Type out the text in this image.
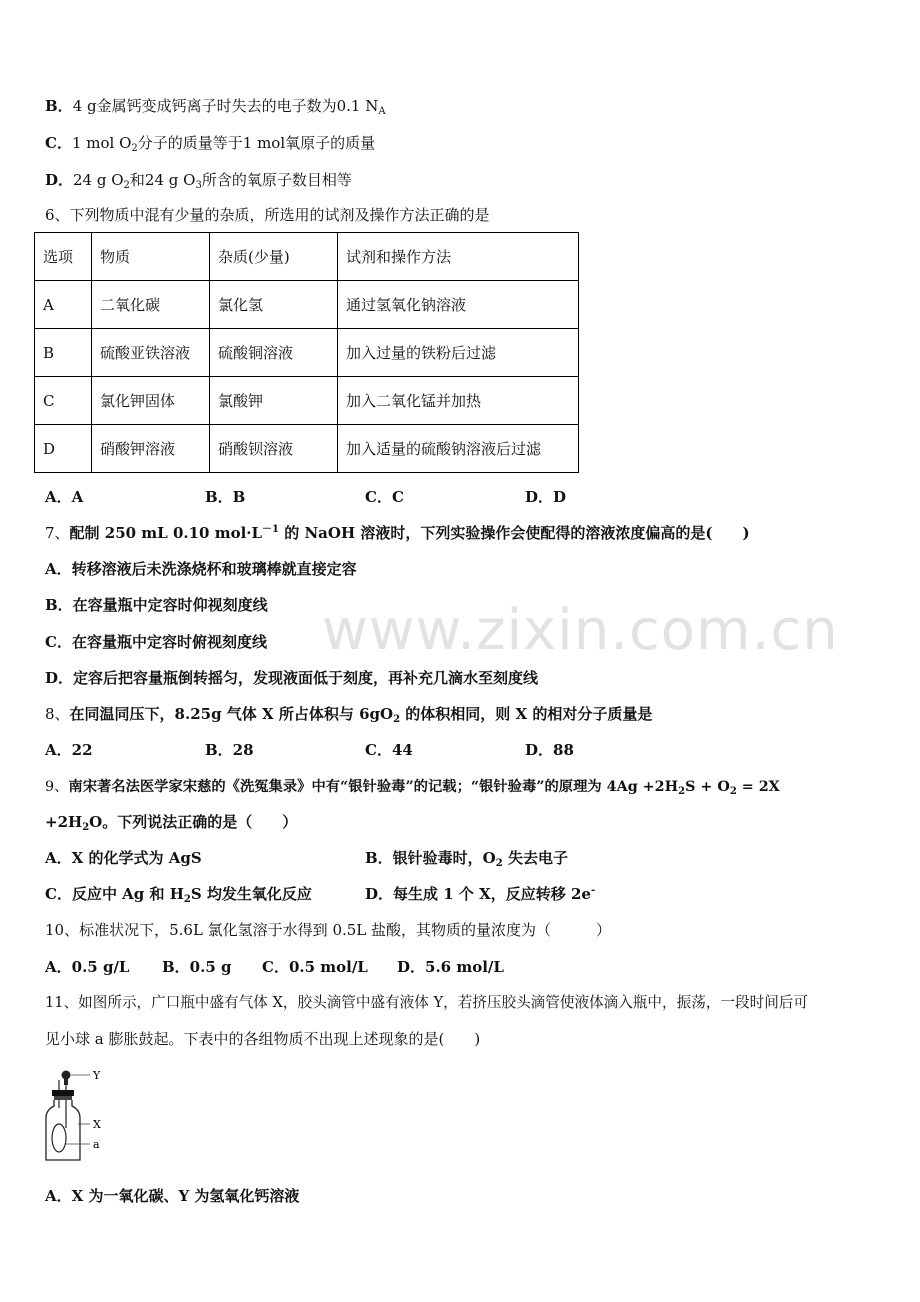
B．4 g金属钙变成钙离子时失去的电子数为0.1 $N_A$
C．1 mol $O_2$分子的质量等于1 mol氧原子的质量
D．24 g $O_2$和24 g $O_3$所含的氧原子数目相等
6、下列物质中混有少量的杂质，所选用的试剂及操作方法正确的是
选项	物质	杂质(少量)	试剂和操作方法
A	二氧化碳	氯化氢	通过氢氧化钠溶液
B	硫酸亚铁溶液	硫酸铜溶液	加入过量的铁粉后过滤
C	氯化钾固体	氯酸钾	加入二氧化锰并加热
D	硝酸钾溶液	硝酸钡溶液	加入适量的硫酸钠溶液后过滤
A．A	B．B	C．C	D．D
7、配制 250 mL 0.10 $mol\cdot L^{-1}$ 的 NaOH 溶液时，下列实验操作会使配得的溶液浓度偏高的是(　　)
A．转移溶液后未洗涤烧杯和玻璃棒就直接定容
B．在容量瓶中定容时仰视刻度线
C．在容量瓶中定容时俯视刻度线
D．定容后把容量瓶倒转摇匀，发现液面低于刻度，再补充几滴水至刻度线
8、在同温同压下，8.25g 气体 X 所占体积与 $6gO_2$ 的体积相同，则 X 的相对分子质量是
A．22	B．28	C．44	D．88
9、南宋著名法医学家宋慈的《洗冤集录》中有“银针验毒”的记载；“银针验毒”的原理为 $4Ag +2H_2S + O_2 = 2X$
$+2H_2O$。下列说法正确的是（　　）
A．X 的化学式为 AgS	B．银针验毒时，$O_2$ 失去电子
C．反应中 Ag 和 $H_2S$ 均发生氧化反应	D．每生成 1 个 X，反应转移 2e-
10、标准状况下，5.6L 氯化氢溶于水得到 0.5L 盐酸，其物质的量浓度为（　　　）
A．0.5 g/L B．0.5 g C．0.5 mol/L D．5.6 mol/L
11、如图所示，广口瓶中盛有气体 X，胶头滴管中盛有液体 Y，若挤压胶头滴管使液体滴入瓶中，振荡，一段时间后可
见小球 a 膨胀鼓起。下表中的各组物质不出现上述现象的是(　　)
Y
X
a
A．X 为一氧化碳、Y 为氢氧化钙溶液
www.zixin.com.cn
